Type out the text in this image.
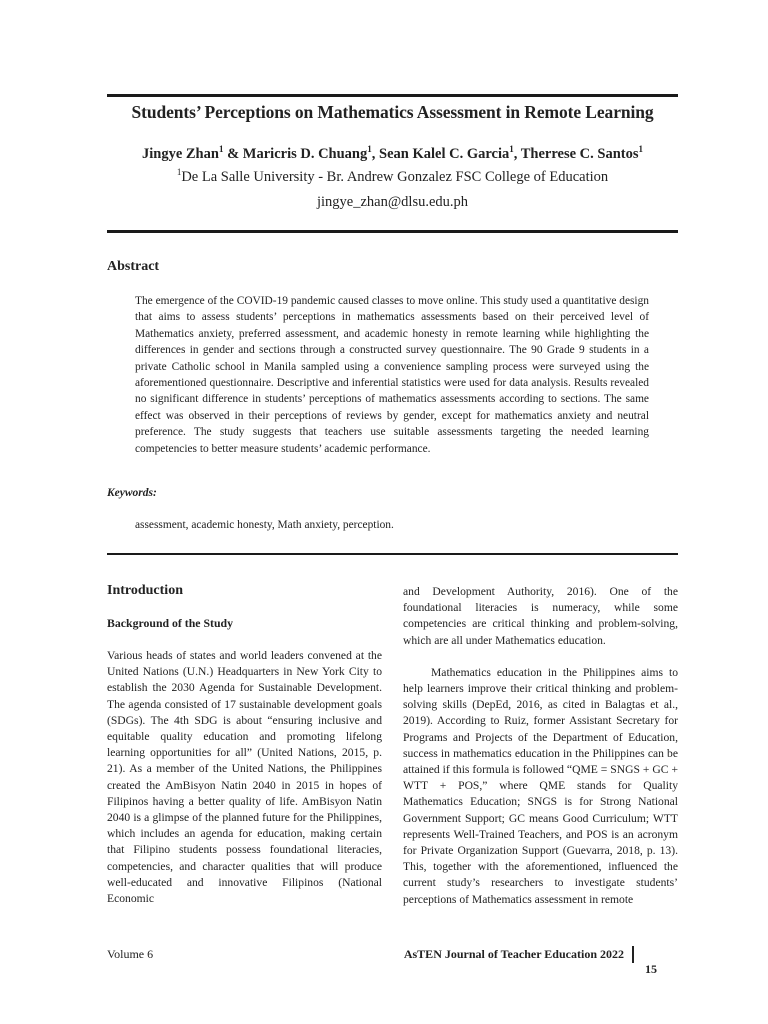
Students’ Perceptions on Mathematics Assessment in Remote Learning
Jingye Zhan$^1$ & Maricris D. Chuang$^1$, Sean Kalel C. Garcia$^1$, Therrese C. Santos$^1$
$^1$De La Salle University - Br. Andrew Gonzalez FSC College of Education
jingye_zhan@dlsu.edu.ph
Abstract
The emergence of the COVID-19 pandemic caused classes to move online. This study used a quantitative design that aims to assess students’ perceptions in mathematics assessments based on their perceived level of Mathematics anxiety, preferred assessment, and academic honesty in remote learning while highlighting the differences in gender and sections through a constructed survey questionnaire. The 90 Grade 9 students in a private Catholic school in Manila sampled using a convenience sampling process were surveyed using the aforementioned questionnaire. Descriptive and inferential statistics were used for data analysis. Results revealed no significant difference in students’ perceptions of mathematics assessments according to sections. The same effect was observed in their perceptions of reviews by gender, except for mathematics anxiety and neutral preference. The study suggests that teachers use suitable assessments targeting the needed learning competencies to better measure students’ academic performance.
Keywords:
assessment, academic honesty, Math anxiety, perception.
Introduction
Background of the Study

Various heads of states and world leaders convened at the United Nations (U.N.) Headquarters in New York City to establish the 2030 Agenda for Sustainable Development. The agenda consisted of 17 sustainable development goals (SDGs). The 4th SDG is about “ensuring inclusive and equitable quality education and promoting lifelong learning opportunities for all” (United Nations, 2015, p. 21). As a member of the United Nations, the Philippines created the AmBisyon Natin 2040 in 2015 in hopes of Filipinos having a better quality of life. AmBisyon Natin 2040 is a glimpse of the planned future for the Philippines, which includes an agenda for education, making certain that Filipino students possess foundational literacies, competencies, and character qualities that will produce well-educated and innovative Filipinos (National Economic

and Development Authority, 2016). One of the foundational literacies is numeracy, while some competencies are critical thinking and problem-solving, which are all under Mathematics education.

Mathematics education in the Philippines aims to help learners improve their critical thinking and problem-solving skills (DepEd, 2016, as cited in Balagtas et al., 2019). According to Ruiz, former Assistant Secretary for Programs and Projects of the Department of Education, success in mathematics education in the Philippines can be attained if this formula is followed “QME = SNGS + GC + WTT + POS,” where QME stands for Quality Mathematics Education; SNGS is for Strong National Government Support; GC means Good Curriculum; WTT represents Well-Trained Teachers, and POS is an acronym for Private Organization Support (Guevarra, 2018, p. 13). This, together with the aforementioned, influenced the current study’s researchers to investigate students’ perceptions of Mathematics assessment in remote

Volume 6	AsTEN Journal of Teacher Education 2022  15
